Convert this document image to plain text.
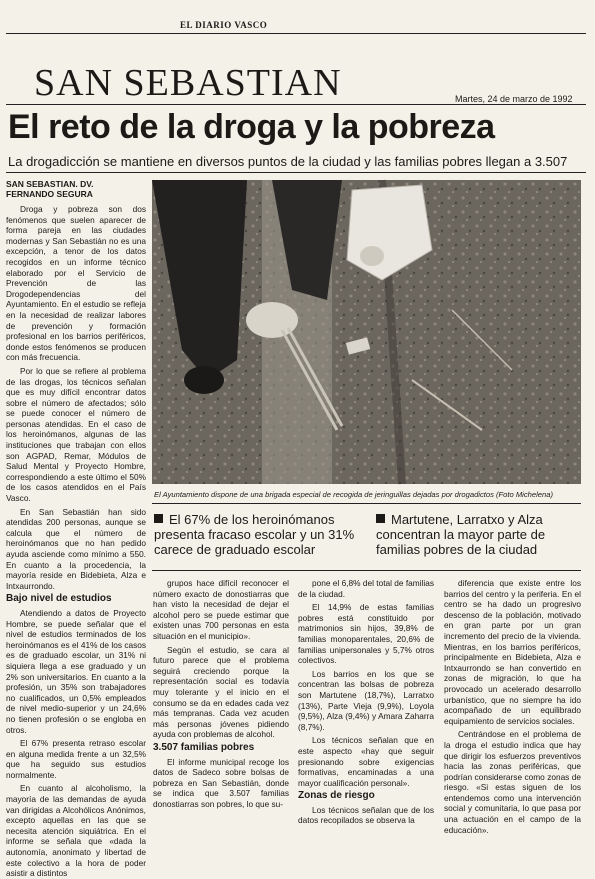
EL DIARIO VASCO
SAN SEBASTIAN	Martes, 24 de marzo de 1992
El reto de la droga y la pobreza
La drogadicción se mantiene en diversos puntos de la ciudad y las familias pobres llegan a 3.507
SAN SEBASTIAN. DV.
FERNANDO SEGURA

Droga y pobreza son dos fenómenos que suelen aparecer de forma pareja en las ciudades modernas y San Sebastián no es una excepción, a tenor de los datos recogidos en un informe técnico elaborado por el Servicio de Prevención de las Drogodependencias del Ayuntamiento. En el estudio se refleja en la necesidad de realizar labores de prevención y formación profesional en los barrios periféricos, donde estos fenómenos se producen con más frecuencia.

Por lo que se refiere al problema de las drogas, los técnicos señalan que es muy difícil encontrar datos sobre el número de afectados; sólo se puede conocer el número de personas atendidas. En el caso de los heroinómanos, algunas de las instituciones que trabajan con ellos son AGPAD, Remar, Módulos de Salud Mental y Proyecto Hombre, correspondiendo a este último el 50% de los casos atendidos en el País Vasco.

En San Sebastián han sido atendidas 200 personas, aunque se calcula que el número de heroinómanos que no han pedido ayuda asciende como mínimo a 550. En cuanto a la procedencia, la mayoría reside en Bidebieta, Alza e Intxaurrondo.

Bajo nivel de estudios

Atendiendo a datos de Proyecto Hombre, se puede señalar que el nivel de estudios terminados de los heroinómanos es el 41% de los casos es de graduado escolar, un 31% ni siquiera llega a ese graduado y un 2% son universitarios. En cuanto a la profesión, un 35% son trabajadores no cualificados, un 0,5% empleados de nivel medio-superior y un 24,6% no tienen profesión o se engloba en otros.

El 67% presenta retraso escolar en alguna medida frente a un 32,5% que ha seguido sus estudios normalmente.

En cuanto al alcoholismo, la mayoría de las demandas de ayuda van dirigidas a Alcohólicos Anónimos, excepto aquellas en las que se necesita atención siquiátrica. En el informe se señala que «dada la autonomía, anonimato y libertad de este colectivo a la hora de poder asistir a distintos

El Ayuntamiento dispone de una brigada especial de recogida de jeringuillas dejadas por drogadictos (Foto Michelena)
El 67% de los heroinómanos presenta fracaso escolar y un 31% carece de graduado escolar
Martutene, Larratxo y Alza concentran la mayor parte de familias pobres de la ciudad

grupos hace difícil reconocer el número exacto de donostiarras que han visto la necesidad de dejar el alcohol pero se puede estimar que existen unas 700 personas en esta situación en el municipio».

Según el estudio, se cara al futuro parece que el problema seguirá creciendo porque la representación social es todavía muy tolerante y el inicio en el consumo se da en edades cada vez más tempranas. Cada vez acuden más personas jóvenes pidiendo ayuda con problemas de alcohol.

3.507 familias pobres

El informe municipal recoge los datos de Sadeco sobre bolsas de pobreza en San Sebastián, donde se indica que 3.507 familias donostiarras son pobres, lo que su-

pone el 6,8% del total de familias de la ciudad.

El 14,9% de estas familias pobres está constituido por matrimonios sin hijos, 39,8% de familias monoparentales, 20,6% de familias unipersonales y 5,7% otros colectivos.

Los barrios en los que se concentran las bolsas de pobreza son Martutene (18,7%), Larratxo (13%), Parte Vieja (9,9%), Loyola (9,5%), Alza (9,4%) y Amara Zaharra (8,7%).

Los técnicos señalan que en este aspecto «hay que seguir presionando sobre exigencias formativas, encaminadas a una mayor cualificación personal».

Zonas de riesgo

Los técnicos señalan que de los datos recopilados se observa la

diferencia que existe entre los barrios del centro y la periferia. En el centro se ha dado un progresivo descenso de la población, motivado en gran parte por un gran incremento del precio de la vivienda. Mientras, en los barrios periféricos, principalmente en Bidebieta, Alza e Intxaurrondo se han convertido en zonas de migración, lo que ha provocado un acelerado desarrollo urbanístico, que no siempre ha ido acompañado de un equilibrado equipamiento de servicios sociales.

Centrándose en el problema de la droga el estudio indica que hay que dirigir los esfuerzos preventivos hacia las zonas periféricas, que podrían considerarse como zonas de riesgo. «Si estas siguen de los entendemos como una intervención social y comunitaria, lo que pasa por una actuación en el campo de la educación».
